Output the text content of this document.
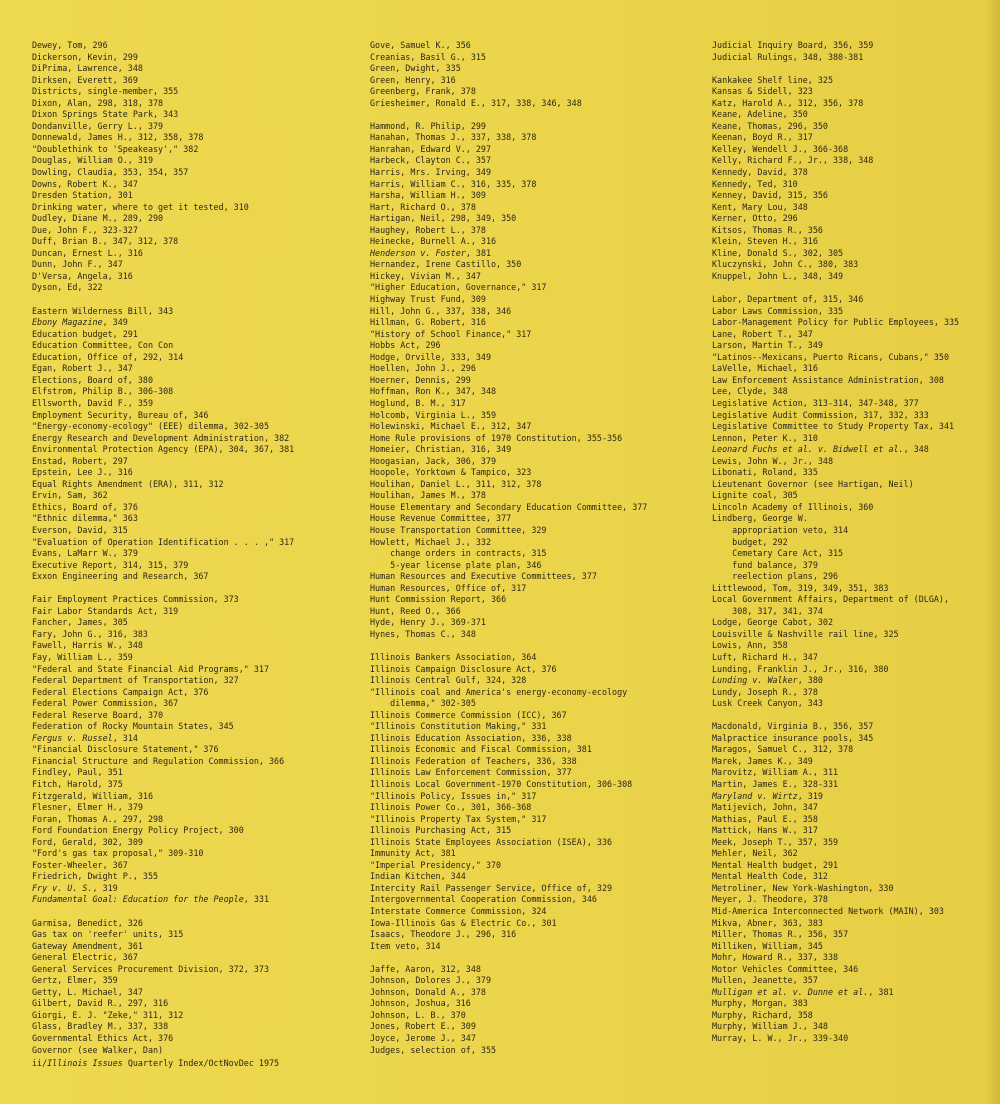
Dewey, Tom, 296
Dickerson, Kevin, 299
DiPrima, Lawrence, 348
Dirksen, Everett, 369
Districts, single-member, 355
Dixon, Alan, 298, 318, 378
Dixon Springs State Park, 343
Dondanville, Gerry L., 379
Donnewald, James H., 312, 358, 378
"Doublethink to 'Speakeasy'," 382
Douglas, William O., 319
Dowling, Claudia, 353, 354, 357
Downs, Robert K., 347
Dresden Station, 301
Drinking water, where to get it tested, 310
Dudley, Diane M., 289, 290
Due, John F., 323-327
Duff, Brian B., 347, 312, 378
Duncan, Ernest L., 316
Dunn, John F., 347
D'Versa, Angela, 316
Dyson, Ed, 322

Eastern Wilderness Bill, 343
Ebony Magazine, 349
Education budget, 291
Education Committee, Con Con
Education, Office of, 292, 314
Egan, Robert J., 347
Elections, Board of, 380
Elfstrom, Philip B., 306-308
Ellsworth, David F., 359
Employment Security, Bureau of, 346
"Energy-economy-ecology" (EEE) dilemma, 302-305
Energy Research and Development Administration, 382
Environmental Protection Agency (EPA), 304, 367, 381
Enstad, Robert, 297
Epstein, Lee J., 316
Equal Rights Amendment (ERA), 311, 312
Ervin, Sam, 362
Ethics, Board of, 376
"Ethnic dilemma," 363
Everson, David, 315
"Evaluation of Operation Identification . . . ," 317
Evans, LaMarr W., 379
Executive Report, 314, 315, 379
Exxon Engineering and Research, 367

Fair Employment Practices Commission, 373
Fair Labor Standards Act, 319
Fancher, James, 305
Fary, John G., 316, 383
Fawell, Harris W., 348
Fay, William L., 359
"Federal and State Financial Aid Programs," 317
Federal Department of Transportation, 327
Federal Elections Campaign Act, 376
Federal Power Commission, 367
Federal Reserve Board, 370
Federation of Rocky Mountain States, 345
Fergus v. Russel, 314
"Financial Disclosure Statement," 376
Financial Structure and Regulation Commission, 366
Findley, Paul, 351
Fitch, Harold, 375
Fitzgerald, William, 316
Flesner, Elmer H., 379
Foran, Thomas A., 297, 298
Ford Foundation Energy Policy Project, 300
Ford, Gerald, 302, 309
"Ford's gas tax proposal," 309-310
Foster-Wheeler, 367
Friedrich, Dwight P., 355
Fry v. U. S., 319
Fundamental Goal: Education for the People, 331

Garmisa, Benedict, 326
Gas tax on 'reefer' units, 315
Gateway Amendment, 361
General Electric, 367
General Services Procurement Division, 372, 373
Gertz, Elmer, 359
Getty, L. Michael, 347
Gilbert, David R., 297, 316
Giorgi, E. J. "Zeke," 311, 312
Glass, Bradley M., 337, 338
Governmental Ethics Act, 376
Governor (see Walker, Dan)
Gove, Samuel K., 356
Creanias, Basil G., 315
Green, Dwight, 335
Green, Henry, 316
Greenberg, Frank, 378
Griesheimer, Ronald E., 317, 338, 346, 348

Hammond, R. Philip, 299
Hanahan, Thomas J., 337, 338, 378
Hanrahan, Edward V., 297
Harbeck, Clayton C., 357
Harris, Mrs. Irving, 349
Harris, William C., 316, 335, 378
Harsha, William H., 309
Hart, Richard O., 378
Hartigan, Neil, 298, 349, 350
Haughey, Robert L., 378
Heinecke, Burnell A., 316
Henderson v. Foster, 381
Hernandez, Irene Castillo, 350
Hickey, Vivian M., 347
"Higher Education, Governance," 317
Highway Trust Fund, 309
Hill, John G., 337, 338, 346
Hillman, G. Robert, 316
"History of School Finance," 317
Hobbs Act, 296
Hodge, Orville, 333, 349
Hoellen, John J., 296
Hoerner, Dennis, 299
Hoffman, Ron K., 347, 348
Hoglund, B. M., 317
Holcomb, Virginia L., 359
Holewinski, Michael E., 312, 347
Home Rule provisions of 1970 Constitution, 355-356
Homeier, Christian, 316, 349
Hoogasian, Jack, 306, 379
Hoopole, Yorktown & Tampico, 323
Houlihan, Daniel L., 311, 312, 378
Houlihan, James M., 378
House Elementary and Secondary Education Committee, 377
House Revenue Committee, 377
House Transportation Committee, 329
Howlett, Michael J., 332
change orders in contracts, 315
5-year license plate plan, 346
Human Resources and Executive Committees, 377
Human Resources, Office of, 317
Hunt Commission Report, 366
Hunt, Reed O., 366
Hyde, Henry J., 369-371
Hynes, Thomas C., 348

Illinois Bankers Association, 364
Illinois Campaign Disclosure Act, 376
Illinois Central Gulf, 324, 328
"Illinois coal and America's energy-economy-ecology
dilemma," 302-305
Illinois Commerce Commission (ICC), 367
"Illinois Constitution Making," 331
Illinois Education Association, 336, 338
Illinois Economic and Fiscal Commission, 381
Illinois Federation of Teachers, 336, 338
Illinois Law Enforcement Commission, 377
Illinois Local Government-1970 Constitution, 306-308
"Illinois Policy, Issues in," 317
Illinois Power Co., 301, 366-368
"Illinois Property Tax System," 317
Illinois Purchasing Act, 315
Illinois State Employees Association (ISEA), 336
Immunity Act, 381
"Imperial Presidency," 370
Indian Kitchen, 344
Intercity Rail Passenger Service, Office of, 329
Intergovernmental Cooperation Commission, 346
Interstate Commerce Commission, 324
Iowa-Illinois Gas & Electric Co., 301
Isaacs, Theodore J., 296, 316
Item veto, 314

Jaffe, Aaron, 312, 348
Johnson, Dolores J., 379
Johnson, Donald A., 378
Johnson, Joshua, 316
Johnson, L. B., 370
Jones, Robert E., 309
Joyce, Jerome J., 347
Judges, selection of, 355
Judicial Inquiry Board, 356, 359
Judicial Rulings, 348, 380-381

Kankakee Shelf line, 325
Kansas & Sidell, 323
Katz, Harold A., 312, 356, 378
Keane, Adeline, 350
Keane, Thomas, 296, 350
Keenan, Boyd R., 317
Kelley, Wendell J., 366-368
Kelly, Richard F., Jr., 338, 348
Kennedy, David, 378
Kennedy, Ted, 310
Kenney, David, 315, 356
Kent, Mary Lou, 348
Kerner, Otto, 296
Kitsos, Thomas R., 356
Klein, Steven H., 316
Kline, Donald S., 302, 305
Kluczynski, John C., 380, 383
Knuppel, John L., 348, 349

Labor, Department of, 315, 346
Labor Laws Commission, 335
Labor-Management Policy for Public Employees, 335
Lane, Robert T., 347
Larson, Martin T., 349
"Latinos--Mexicans, Puerto Ricans, Cubans," 350
LaVelle, Michael, 316
Law Enforcement Assistance Administration, 308
Lee, Clyde, 348
Legislative Action, 313-314, 347-348, 377
Legislative Audit Commission, 317, 332, 333
Legislative Committee to Study Property Tax, 341
Lennon, Peter K., 310
Leonard Fuchs et al. v. Bidwell et al., 348
Lewis, John W., Jr., 348
Libonati, Roland, 335
Lieutenant Governor (see Hartigan, Neil)
Lignite coal, 305
Lincoln Academy of Illinois, 360
Lindberg, George W.
appropriation veto, 314
budget, 292
Cemetary Care Act, 315
fund balance, 379
reelection plans, 296
Littlewood, Tom, 319, 349, 351, 383
Local Government Affairs, Department of (DLGA),
308, 317, 341, 374
Lodge, George Cabot, 302
Louisville & Nashville rail line, 325
Lowis, Ann, 358
Luft, Richard H., 347
Lunding, Franklin J., Jr., 316, 380
Lunding v. Walker, 380
Lundy, Joseph R., 378
Lusk Creek Canyon, 343

Macdonald, Virginia B., 356, 357
Malpractice insurance pools, 345
Maragos, Samuel C., 312, 378
Marek, James K., 349
Marovitz, William A., 311
Martin, James E., 328-331
Maryland v. Wirtz, 319
Matijevich, John, 347
Mathias, Paul E., 358
Mattick, Hans W., 317
Meek, Joseph T., 357, 359
Mehler, Neil, 362
Mental Health budget, 291
Mental Health Code, 312
Metroliner, New York-Washington, 330
Meyer, J. Theodore, 378
Mid-America Interconnected Network (MAIN), 303
Mikva, Abner, 363, 383
Miller, Thomas R., 356, 357
Milliken, William, 345
Mohr, Howard R., 337, 338
Motor Vehicles Committee, 346
Mullen, Jeanette, 357
Mulligan et al. v. Dunne et al., 381
Murphy, Morgan, 383
Murphy, Richard, 358
Murphy, William J., 348
Murray, L. W., Jr., 339-340
ii/Illinois Issues Quarterly Index/OctNovDec 1975
